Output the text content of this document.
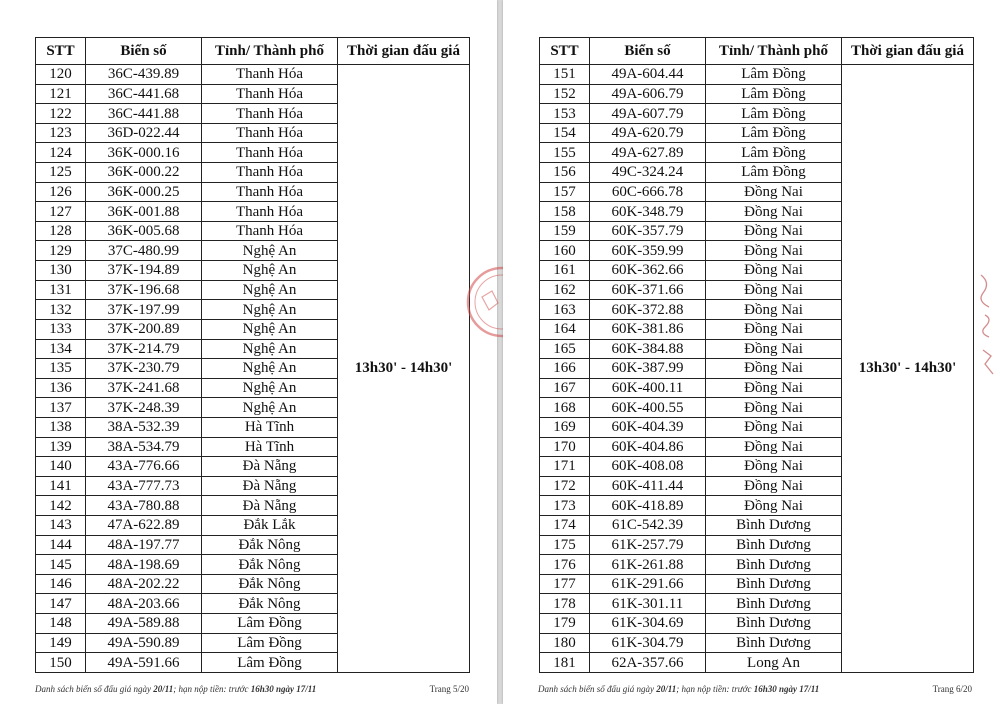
STT	Biển số	Tỉnh/ Thành phố	Thời gian đấu giá
120	36C-439.89	Thanh Hóa	13h30' - 14h30'
121	36C-441.68	Thanh Hóa	
122	36C-441.88	Thanh Hóa	
123	36D-022.44	Thanh Hóa	
124	36K-000.16	Thanh Hóa	
125	36K-000.22	Thanh Hóa	
126	36K-000.25	Thanh Hóa	
127	36K-001.88	Thanh Hóa	
128	36K-005.68	Thanh Hóa	
129	37C-480.99	Nghệ An	
130	37K-194.89	Nghệ An	
131	37K-196.68	Nghệ An	
132	37K-197.99	Nghệ An	
133	37K-200.89	Nghệ An	
134	37K-214.79	Nghệ An	
135	37K-230.79	Nghệ An	
136	37K-241.68	Nghệ An	
137	37K-248.39	Nghệ An	
138	38A-532.39	Hà Tĩnh	
139	38A-534.79	Hà Tĩnh	
140	43A-776.66	Đà Nẵng	
141	43A-777.73	Đà Nẵng	
142	43A-780.88	Đà Nẵng	
143	47A-622.89	Đắk Lắk	
144	48A-197.77	Đắk Nông	
145	48A-198.69	Đắk Nông	
146	48A-202.22	Đắk Nông	
147	48A-203.66	Đắk Nông	
148	49A-589.88	Lâm Đồng	
149	49A-590.89	Lâm Đồng	
150	49A-591.66	Lâm Đồng	
Danh sách biển số đấu giá ngày 20/11; hạn nộp tiền: trước 16h30 ngày 17/11	Trang 5/20
STT	Biển số	Tỉnh/ Thành phố	Thời gian đấu giá
151	49A-604.44	Lâm Đồng	13h30' - 14h30'
152	49A-606.79	Lâm Đồng	
153	49A-607.79	Lâm Đồng	
154	49A-620.79	Lâm Đồng	
155	49A-627.89	Lâm Đồng	
156	49C-324.24	Lâm Đồng	
157	60C-666.78	Đồng Nai	
158	60K-348.79	Đồng Nai	
159	60K-357.79	Đồng Nai	
160	60K-359.99	Đồng Nai	
161	60K-362.66	Đồng Nai	
162	60K-371.66	Đồng Nai	
163	60K-372.88	Đồng Nai	
164	60K-381.86	Đồng Nai	
165	60K-384.88	Đồng Nai	
166	60K-387.99	Đồng Nai	
167	60K-400.11	Đồng Nai	
168	60K-400.55	Đồng Nai	
169	60K-404.39	Đồng Nai	
170	60K-404.86	Đồng Nai	
171	60K-408.08	Đồng Nai	
172	60K-411.44	Đồng Nai	
173	60K-418.89	Đồng Nai	
174	61C-542.39	Bình Dương	
175	61K-257.79	Bình Dương	
176	61K-261.88	Bình Dương	
177	61K-291.66	Bình Dương	
178	61K-301.11	Bình Dương	
179	61K-304.69	Bình Dương	
180	61K-304.79	Bình Dương	
181	62A-357.66	Long An	
Danh sách biển số đấu giá ngày 20/11; hạn nộp tiền: trước 16h30 ngày 17/11	Trang 6/20
